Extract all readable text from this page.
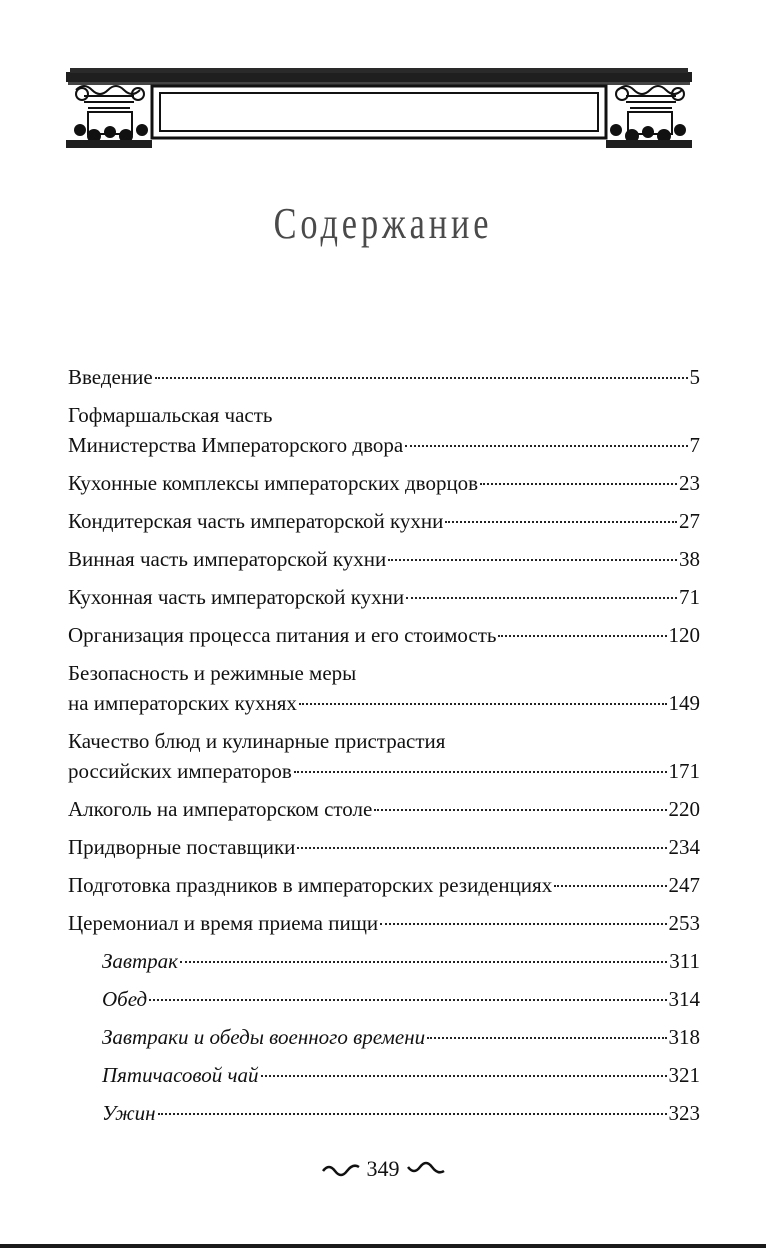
Содержание
Введение	5
Гофмаршальская часть
Министерства Императорского двора	7
Кухонные комплексы императорских дворцов	23
Кондитерская часть императорской кухни	27
Винная часть императорской кухни	38
Кухонная часть императорской кухни	71
Организация процесса питания и его стоимость	120
Безопасность и режимные меры
на императорских кухнях	149
Качество блюд и кулинарные пристрастия
российских императоров	171
Алкоголь на императорском столе	220
Придворные поставщики	234
Подготовка праздников в императорских резиденциях	247
Церемониал и время приема пищи	253
Завтрак	311
Обед	314
Завтраки и обеды военного времени	318
Пятичасовой чай	321
Ужин	323
349
